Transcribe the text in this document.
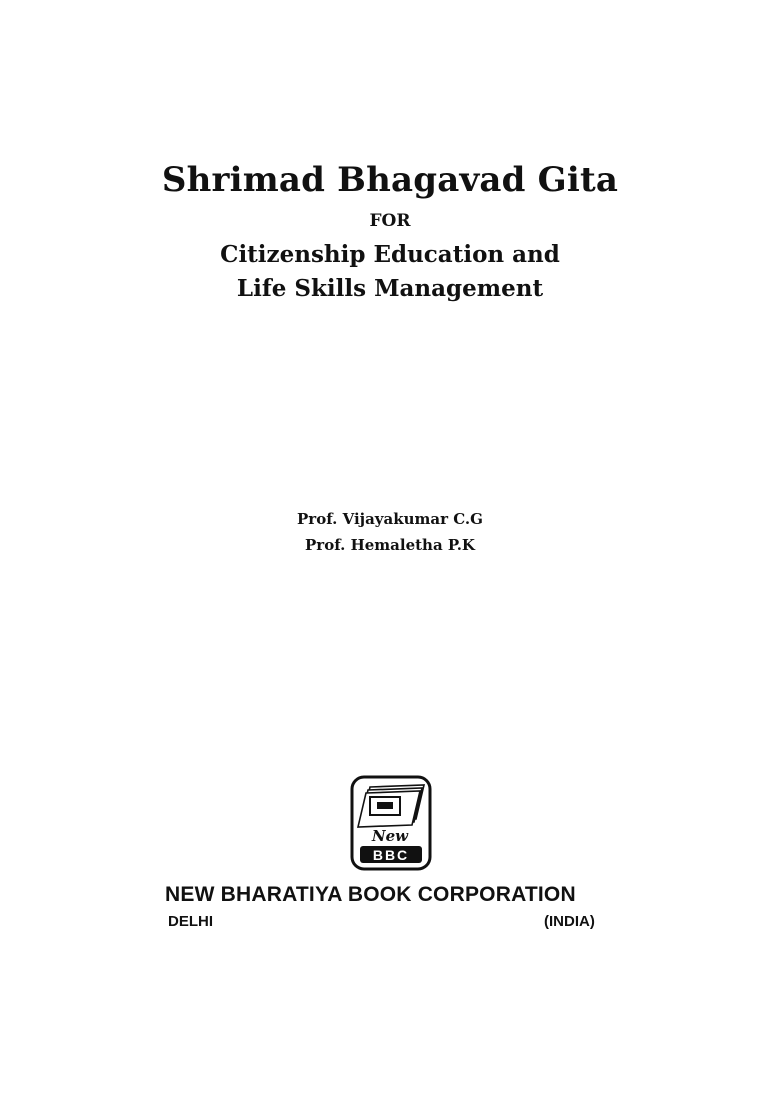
Shrimad Bhagavad Gita
FOR
Citizenship Education and
Life Skills Management
Prof. Vijayakumar C.G
Prof. Hemaletha P.K
New
BBC
NEW BHARATIYA BOOK CORPORATION
DELHI	(INDIA)
